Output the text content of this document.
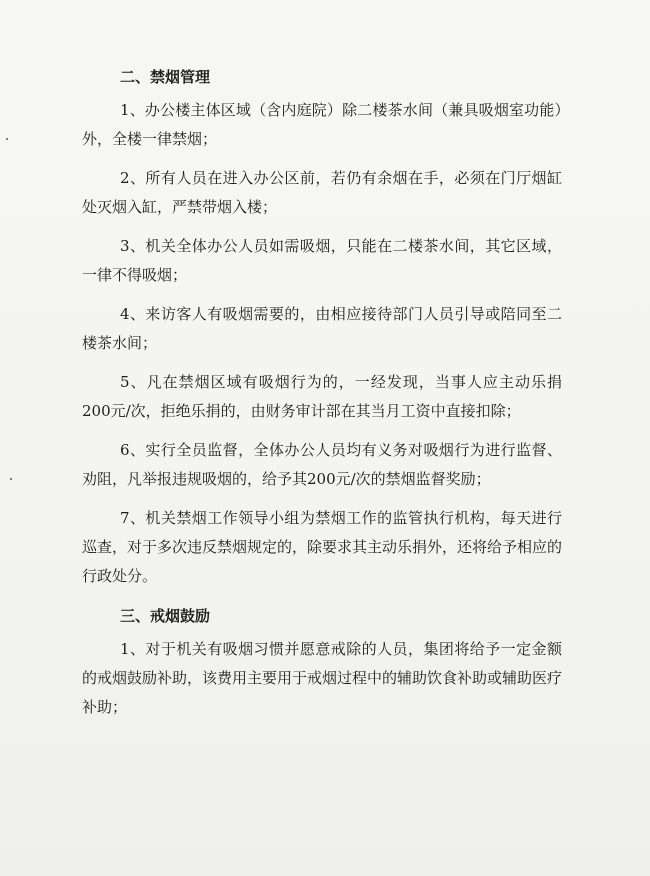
二、禁烟管理

1、办公楼主体区域（含内庭院）除二楼茶水间（兼具吸烟室功能）外，全楼一律禁烟；

2、所有人员在进入办公区前，若仍有余烟在手，必须在门厅烟缸处灭烟入缸，严禁带烟入楼；

3、机关全体办公人员如需吸烟，只能在二楼茶水间，其它区域，一律不得吸烟；

4、来访客人有吸烟需要的，由相应接待部门人员引导或陪同至二楼茶水间；

5、凡在禁烟区域有吸烟行为的，一经发现，当事人应主动乐捐200元/次，拒绝乐捐的，由财务审计部在其当月工资中直接扣除；

6、实行全员监督，全体办公人员均有义务对吸烟行为进行监督、劝阻，凡举报违规吸烟的，给予其200元/次的禁烟监督奖励；

7、机关禁烟工作领导小组为禁烟工作的监管执行机构，每天进行巡查，对于多次违反禁烟规定的，除要求其主动乐捐外，还将给予相应的行政处分。

三、戒烟鼓励

1、对于机关有吸烟习惯并愿意戒除的人员，集团将给予一定金额的戒烟鼓励补助，该费用主要用于戒烟过程中的辅助饮食补助或辅助医疗补助；
